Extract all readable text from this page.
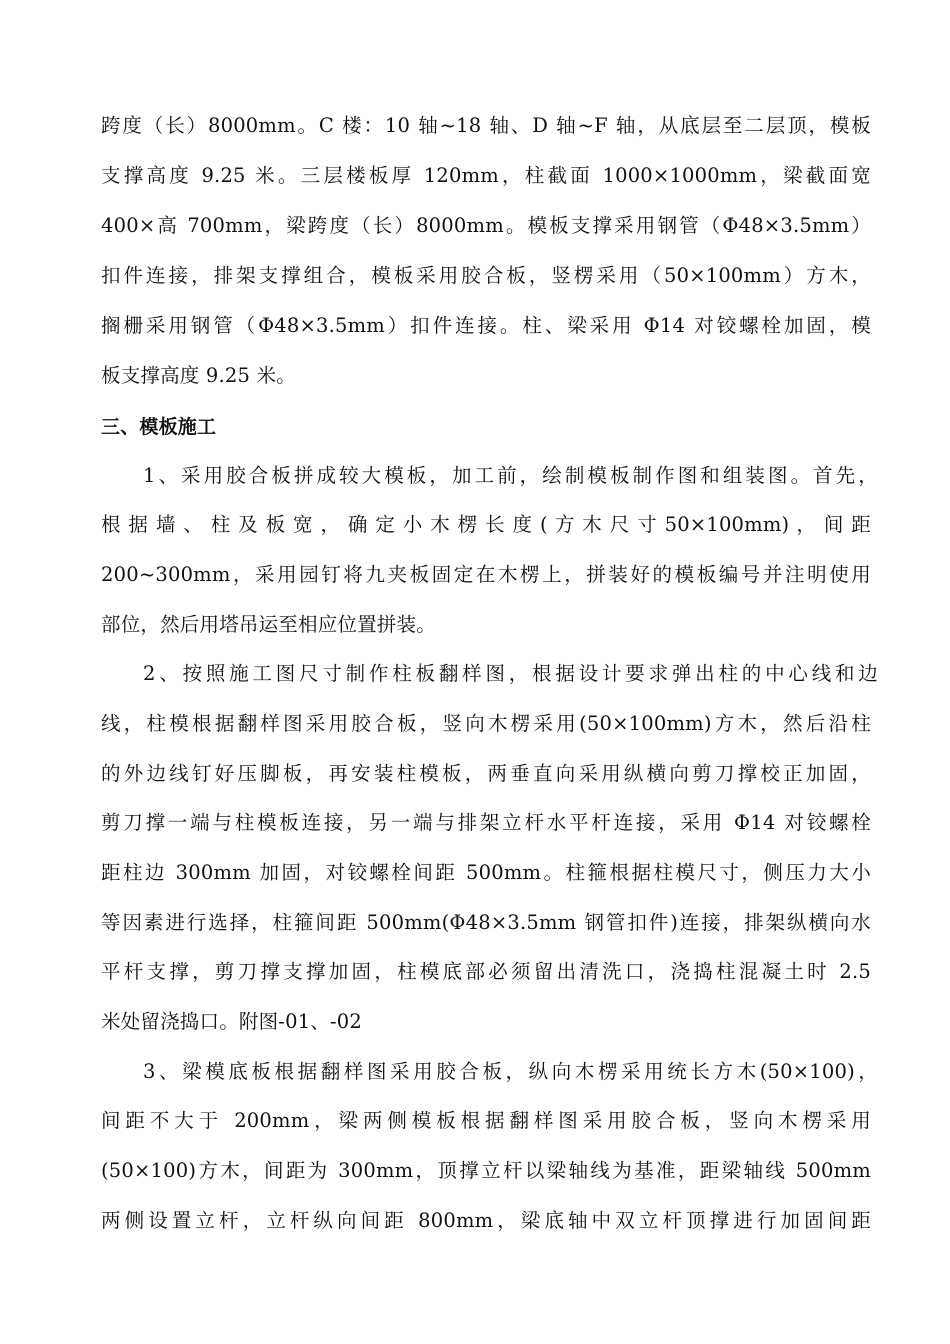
跨度（长）8000mm。C 楼：10 轴~18 轴、D 轴~F 轴，从底层至二层顶，模板
支撑高度 9.25 米。三层楼板厚 120mm，柱截面 1000×1000mm，梁截面宽
400×高 700mm，梁跨度（长）8000mm。模板支撑采用钢管（Φ48×3.5mm）
扣件连接，排架支撑组合，模板采用胶合板，竖楞采用（50×100mm）方木，
搁栅采用钢管（Φ48×3.5mm）扣件连接。柱、梁采用 Φ14 对铰螺栓加固，模
板支撑高度 9.25 米。
三、模板施工
1、采用胶合板拼成较大模板，加工前，绘制模板制作图和组装图。首先，
根 据 墙 、 柱 及 板 宽 ， 确 定 小 木 楞 长 度 ( 方 木 尺 寸 50×100mm) ， 间 距
200~300mm，采用园钉将九夹板固定在木楞上，拼装好的模板编号并注明使用
部位，然后用塔吊运至相应位置拼装。
2、按照施工图尺寸制作柱板翻样图，根据设计要求弹出柱的中心线和边
线，柱模根据翻样图采用胶合板，竖向木楞采用(50×100mm)方木，然后沿柱
的外边线钉好压脚板，再安装柱模板，两垂直向采用纵横向剪刀撑校正加固，
剪刀撑一端与柱模板连接，另一端与排架立杆水平杆连接，采用 Φ14 对铰螺栓
距柱边 300mm 加固，对铰螺栓间距 500mm。柱箍根据柱模尺寸，侧压力大小
等因素进行选择，柱箍间距 500mm(Φ48×3.5mm 钢管扣件)连接，排架纵横向水
平杆支撑，剪刀撑支撑加固，柱模底部必须留出清洗口，浇捣柱混凝土时 2.5
米处留浇捣口。附图-01、-02
3、梁模底板根据翻样图采用胶合板，纵向木楞采用统长方木(50×100)，
间距不大于 200mm，梁两侧模板根据翻样图采用胶合板，竖向木楞采用
(50×100)方木，间距为 300mm，顶撑立杆以梁轴线为基准，距梁轴线 500mm
两侧设置立杆，立杆纵向间距 800mm，梁底轴中双立杆顶撑进行加固间距
